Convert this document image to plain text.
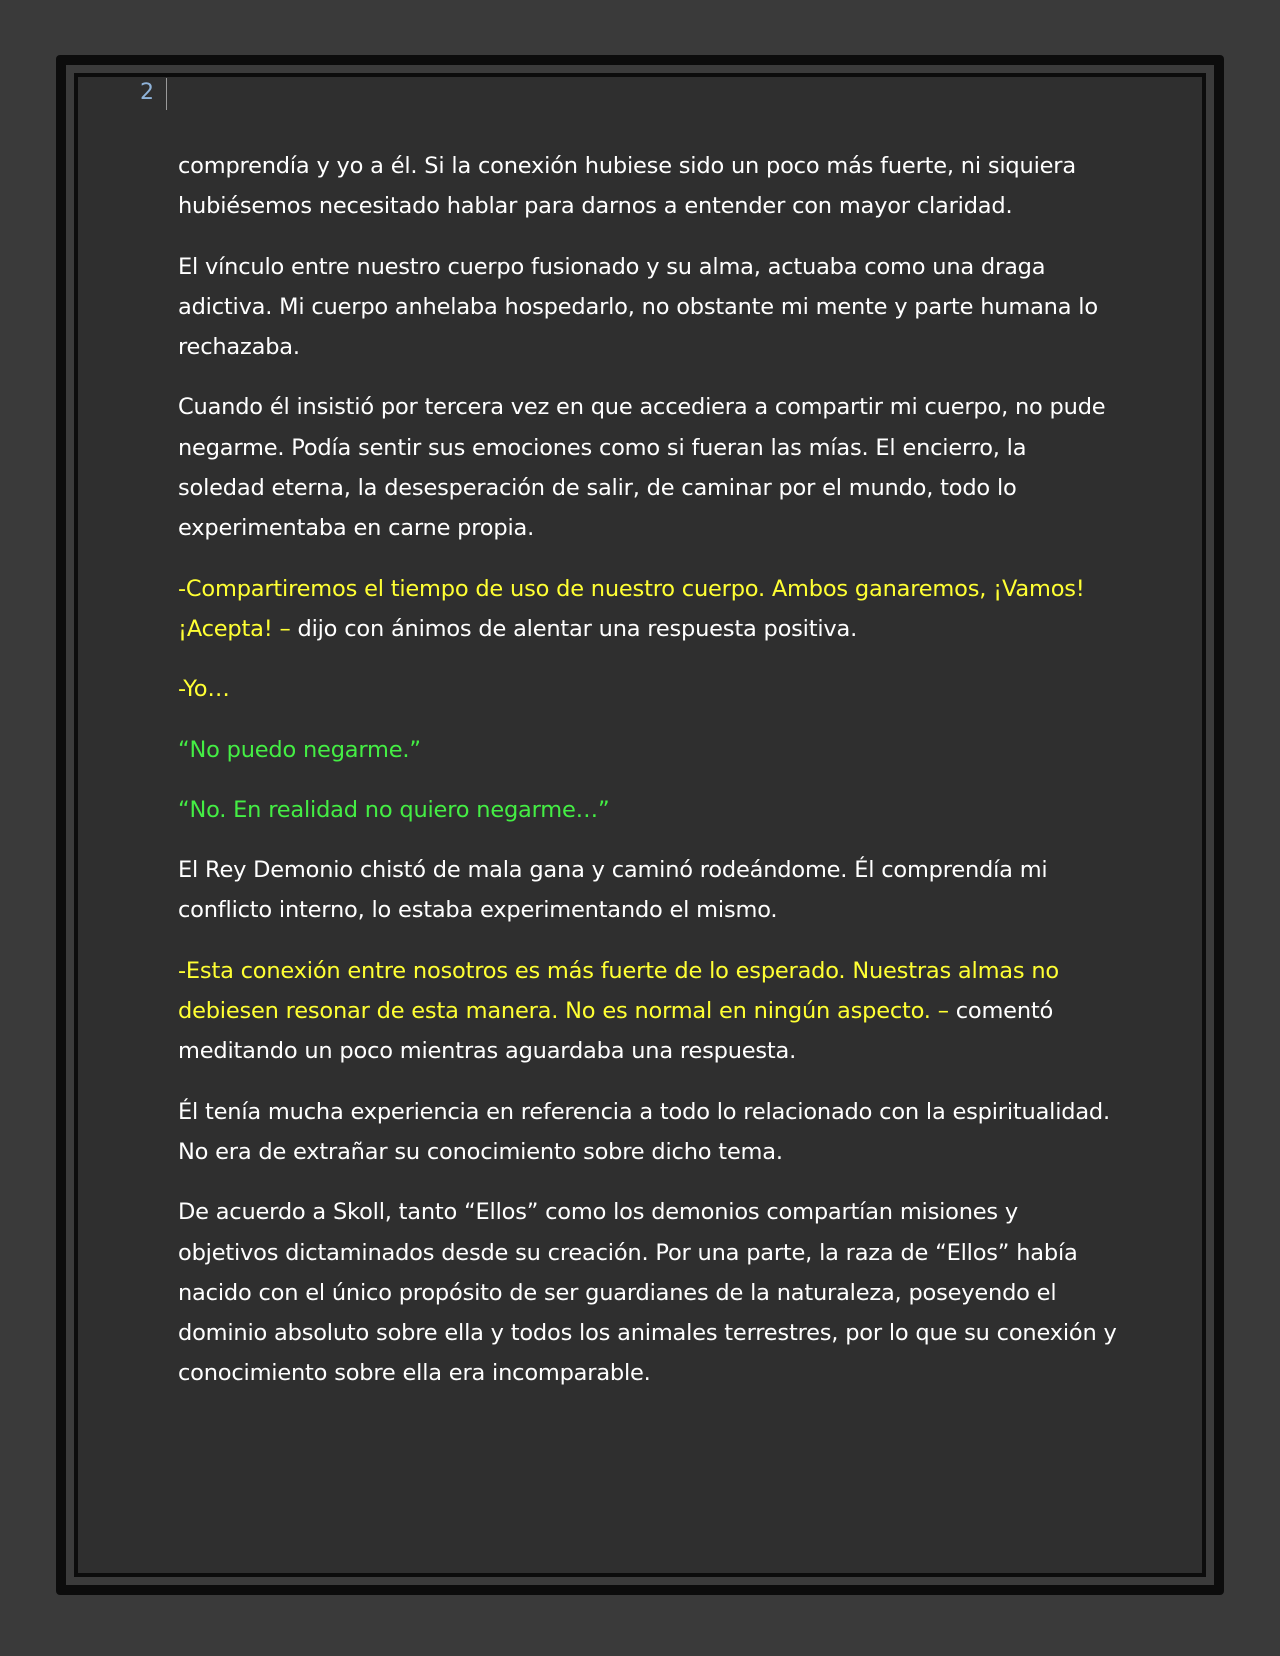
2

comprendía y yo a él. Si la conexión hubiese sido un poco más fuerte, ni siquiera hubiésemos necesitado hablar para darnos a entender con mayor claridad.

El vínculo entre nuestro cuerpo fusionado y su alma, actuaba como una draga adictiva. Mi cuerpo anhelaba hospedarlo, no obstante mi mente y parte humana lo rechazaba.

Cuando él insistió por tercera vez en que accediera a compartir mi cuerpo, no pude negarme. Podía sentir sus emociones como si fueran las mías. El encierro, la soledad eterna, la desesperación de salir, de caminar por el mundo, todo lo experimentaba en carne propia.

-Compartiremos el tiempo de uso de nuestro cuerpo. Ambos ganaremos, ¡Vamos! ¡Acepta! – dijo con ánimos de alentar una respuesta positiva.

-Yo…

“No puedo negarme.”

“No. En realidad no quiero negarme…”

El Rey Demonio chistó de mala gana y caminó rodeándome. Él comprendía mi conflicto interno, lo estaba experimentando el mismo.

-Esta conexión entre nosotros es más fuerte de lo esperado. Nuestras almas no debiesen resonar de esta manera. No es normal en ningún aspecto. – comentó meditando un poco mientras aguardaba una respuesta.

Él tenía mucha experiencia en referencia a todo lo relacionado con la espiritualidad. No era de extrañar su conocimiento sobre dicho tema.

De acuerdo a Skoll, tanto “Ellos” como los demonios compartían misiones y objetivos dictaminados desde su creación. Por una parte, la raza de “Ellos” había nacido con el único propósito de ser guardianes de la naturaleza, poseyendo el dominio absoluto sobre ella y todos los animales terrestres, por lo que su conexión y conocimiento sobre ella era incomparable.
